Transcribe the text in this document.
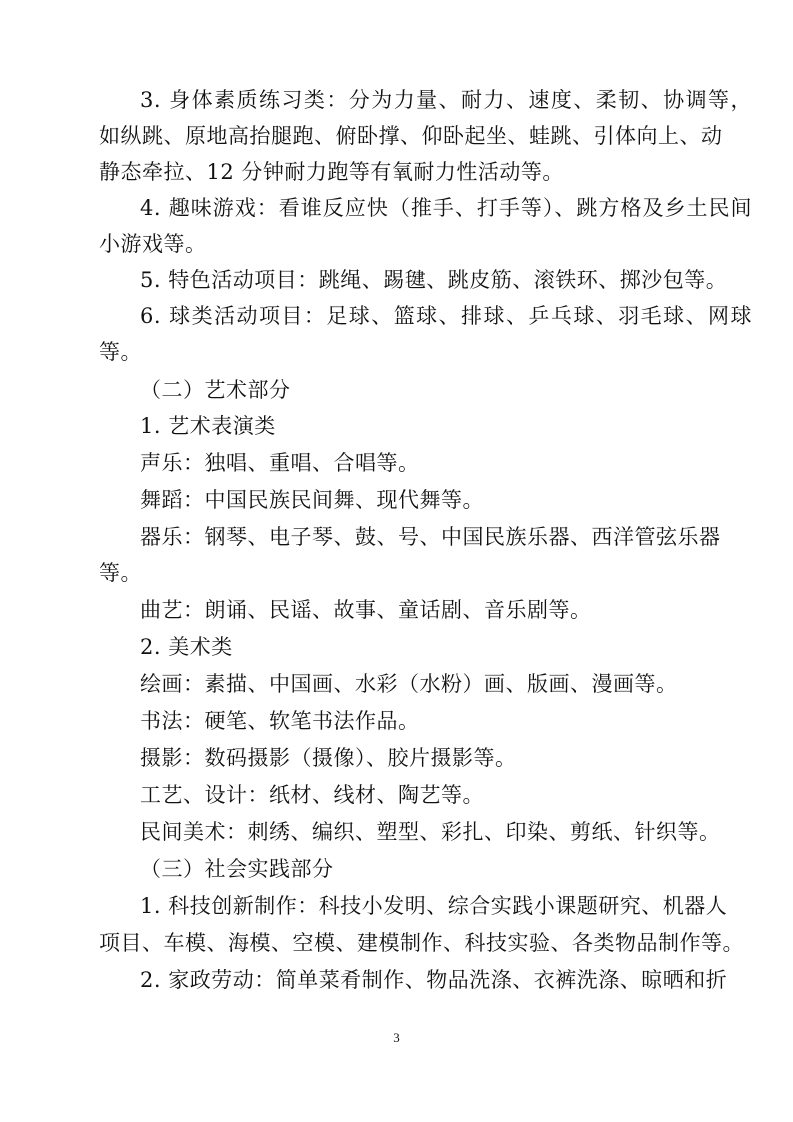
3. 身体素质练习类：分为力量、耐力、速度、柔韧、协调等，
如纵跳、原地高抬腿跑、俯卧撑、仰卧起坐、蛙跳、引体向上、动
静态牵拉、12 分钟耐力跑等有氧耐力性活动等。
4. 趣味游戏：看谁反应快（推手、打手等）、跳方格及乡土民间
小游戏等。
5. 特色活动项目：跳绳、踢毽、跳皮筋、滚铁环、掷沙包等。
6. 球类活动项目：足球、篮球、排球、乒乓球、羽毛球、网球
等。
（二）艺术部分
1. 艺术表演类
声乐：独唱、重唱、合唱等。
舞蹈：中国民族民间舞、现代舞等。
器乐：钢琴、电子琴、鼓、号、中国民族乐器、西洋管弦乐器
等。
曲艺：朗诵、民谣、故事、童话剧、音乐剧等。
2. 美术类
绘画：素描、中国画、水彩（水粉）画、版画、漫画等。
书法：硬笔、软笔书法作品。
摄影：数码摄影（摄像）、胶片摄影等。
工艺、设计：纸材、线材、陶艺等。
民间美术：刺绣、编织、塑型、彩扎、印染、剪纸、针织等。
（三）社会实践部分
1. 科技创新制作：科技小发明、综合实践小课题研究、机器人
项目、车模、海模、空模、建模制作、科技实验、各类物品制作等。
2. 家政劳动：简单菜肴制作、物品洗涤、衣裤洗涤、晾晒和折
3
